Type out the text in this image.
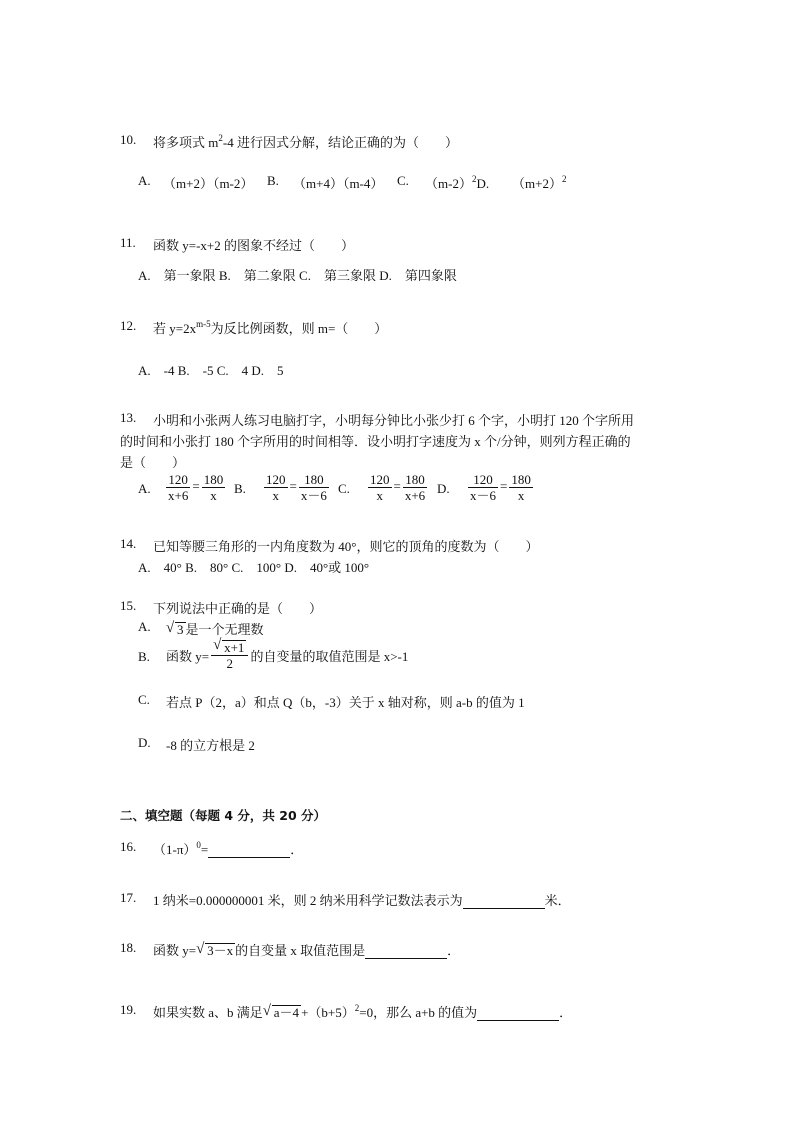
10. 将多项式 $m^2-4$ 进行因式分解，结论正确的为（　　）
A. （m+2）（m-2） B. （m+4）（m-4） C. $(m-2)^2D$. $(m+2)^2$
11. 函数 y=-x+2 的图象不经过（　　）
A.　第一象限 B.　第二象限 C.　第三象限 D.　第四象限
12. 若 $y=2x^{m-5}$为反比例函数，则 m=（　　）
A.　-4 B.　-5 C.　4 D.　5
13. 小明和小张两人练习电脑打字，小明每分钟比小张少打 6 个字，小明打 120 个字所用
的时间和小张打 180 个字所用的时间相等．设小明打字速度为 x 个/分钟，则列方程正确的
是（　　）
A. $\frac{120}{x+6} = \frac{180}{x} B$. $\frac{120}{x} = \frac{180}{x-6} C$. $\frac{120}{x} = \frac{180}{x+6} D$. $\frac{120}{x-6} = \frac{180}{x}$
14. 已知等腰三角形的一内角度数为 40°，则它的顶角的度数为（　　）
A.　40° B.　80° C.　100° D.　40°或 100°
15. 下列说法中正确的是（　　）
A. √ 3 是一个无理数
B. 函数 $y= \frac{√ x+1}{2}$ 的自变量的取值范围是 x>-1
C. 若点 P（2，a）和点 Q（b，-3）关于 x 轴对称，则 a-b 的值为 1
D. -8 的立方根是 2
二、填空题（每题 4 分，共 20 分）
16. $(1-\pi)^0=$	．
17. 1 纳米=0.000000001 米，则 2 纳米用科学记数法表示为	米．
18. 函数 y= √ 3－x 的自变量 x 取值范围是	．
19. 如果实数 a、b 满足 √ $a-4 +(b+5)^2=0$，那么 a+b 的值为	．
